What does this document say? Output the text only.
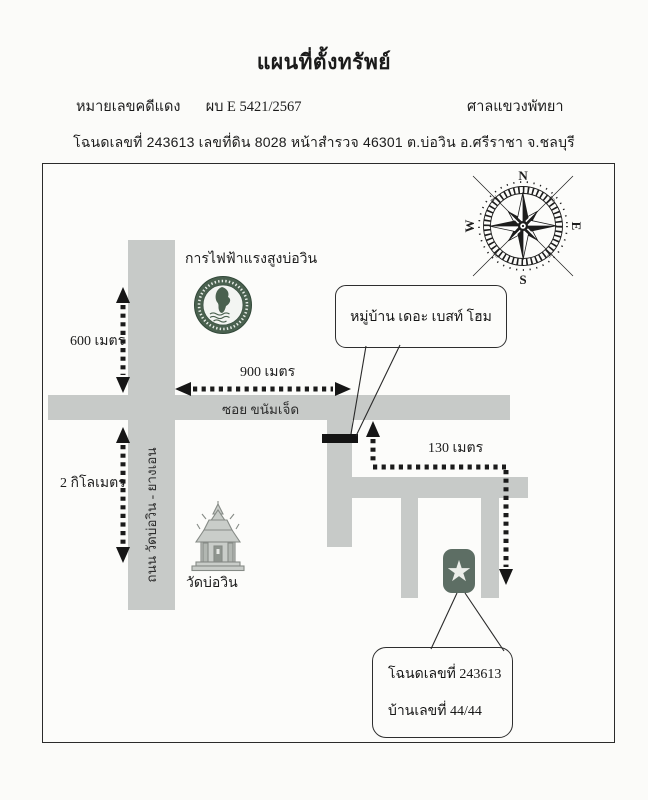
แผนที่ตั้งทรัพย์
หมายเลขคดีแดง ผบ E 5421/2567	ศาลแขวงพัทยา
โฉนดเลขที่ 243613 เลขที่ดิน 8028 หน้าสำรวจ 46301 ต.บ่อวิน อ.ศรีราชา จ.ชลบุรี
ถนน วัดบ่อวิน - ยางเอน
ซอย ขนัมเจ็ด
การไฟฟ้าแรงสูงบ่อวิน
วัดบ่อวิน
600 เมตร
900 เมตร
2 กิโลเมตร
130 เมตร
หมู่บ้าน เดอะ เบสท์ โฮม
โฉนดเลขที่ 243613
บ้านเลขที่ 44/44
★
N
S
W	E
nw	ne
sw	se
